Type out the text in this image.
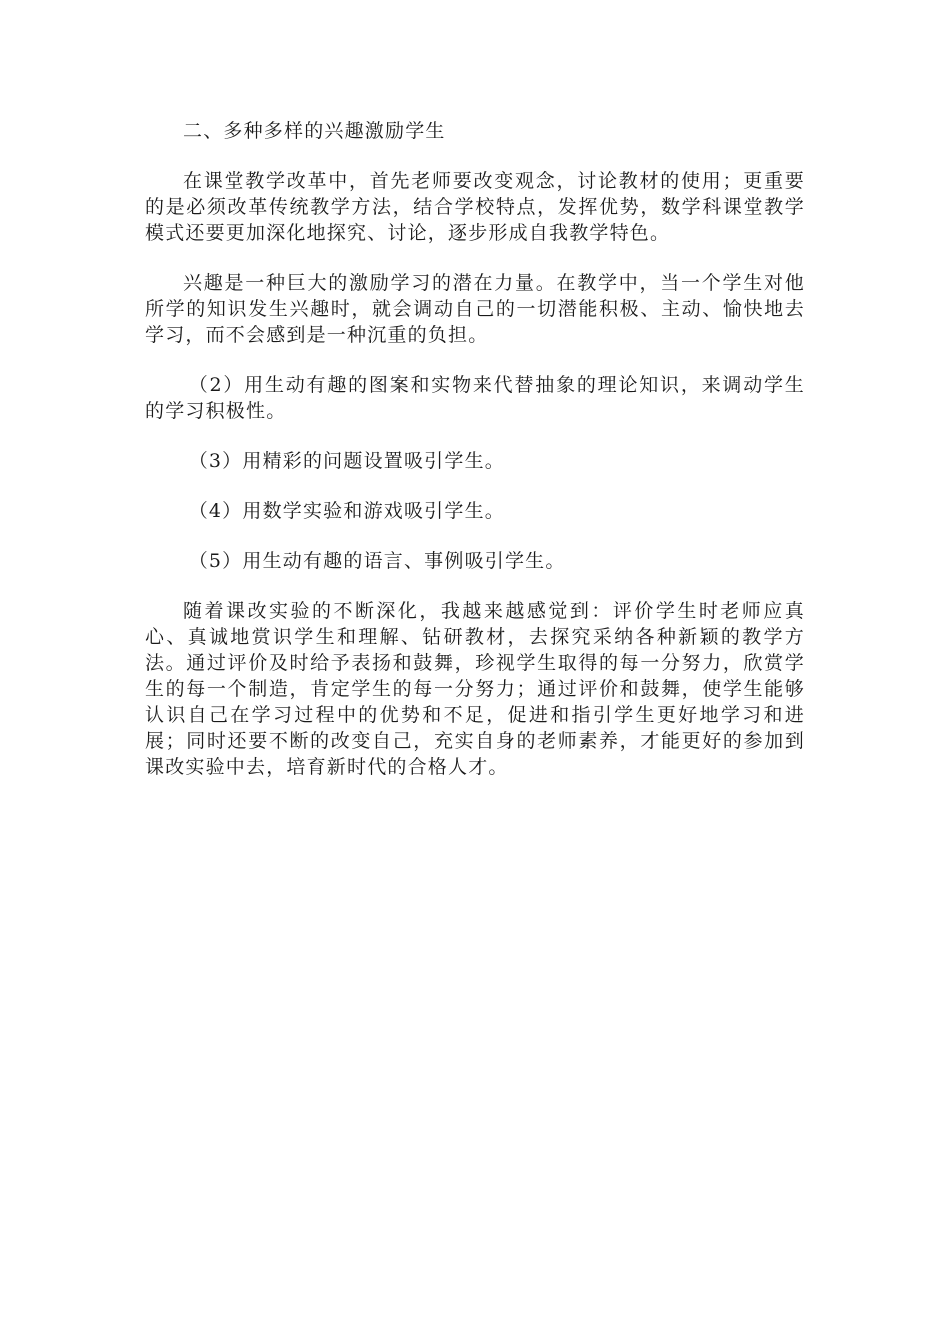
二、多种多样的兴趣激励学生

在课堂教学改革中，首先老师要改变观念，讨论教材的使用；更重要的是必须改革传统教学方法，结合学校特点，发挥优势，数学科课堂教学模式还要更加深化地探究、讨论，逐步形成自我教学特色。

兴趣是一种巨大的激励学习的潜在力量。在教学中，当一个学生对他所学的知识发生兴趣时，就会调动自己的一切潜能积极、主动、愉快地去学习，而不会感到是一种沉重的负担。

（2）用生动有趣的图案和实物来代替抽象的理论知识，来调动学生的学习积极性。

（3）用精彩的问题设置吸引学生。

（4）用数学实验和游戏吸引学生。

（5）用生动有趣的语言、事例吸引学生。

随着课改实验的不断深化，我越来越感觉到：评价学生时老师应真心、真诚地赏识学生和理解、钻研教材，去探究采纳各种新颖的教学方法。通过评价及时给予表扬和鼓舞，珍视学生取得的每一分努力，欣赏学生的每一个制造，肯定学生的每一分努力；通过评价和鼓舞，使学生能够认识自己在学习过程中的优势和不足，促进和指引学生更好地学习和进展；同时还要不断的改变自己，充实自身的老师素养，才能更好的参加到课改实验中去，培育新时代的合格人才。
